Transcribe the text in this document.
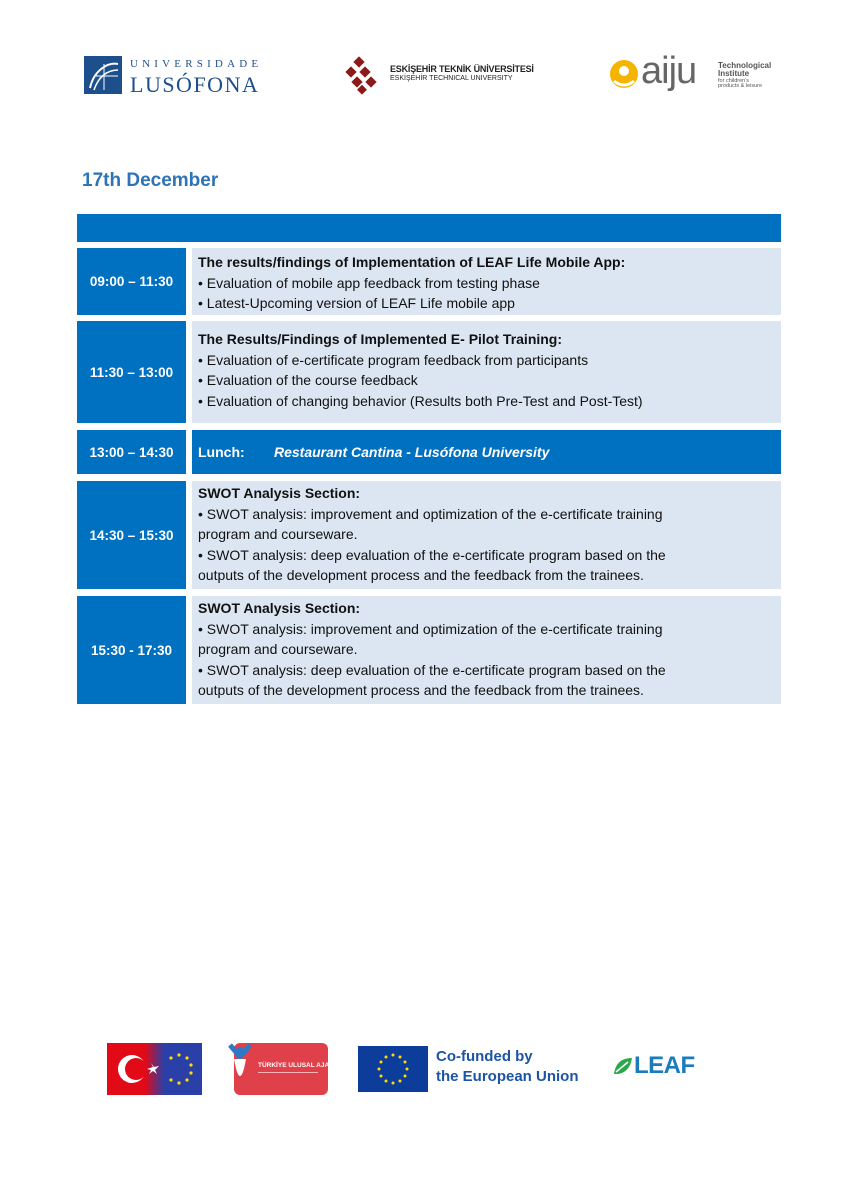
UNIVERSIDADE
LUSÓFONA
ESKİŞEHİR TEKNİK ÜNİVERSİTESİ
ESKİŞEHİR TECHNICAL UNIVERSITY	aiju	Technological
Institute
for children's
products & leisure
17th December
09:00 – 11:30
The results/findings of Implementation of LEAF Life Mobile App:
• Evaluation of mobile app feedback from testing phase
• Latest-Upcoming version of LEAF Life mobile app
11:30 – 13:00
The Results/Findings of Implemented E- Pilot Training:
• Evaluation of e-certificate program feedback from participants
• Evaluation of the course feedback
• Evaluation of changing behavior (Results both Pre-Test and Post-Test)
13:00 – 14:30	Lunch:	Restaurant Cantina - Lusófona University
14:30 – 15:30
SWOT Analysis Section:
• SWOT analysis: improvement and optimization of the e-certificate training
program and courseware.
• SWOT analysis: deep evaluation of the e-certificate program based on the
outputs of the development process and the feedback from the trainees.
15:30 - 17:30
SWOT Analysis Section:
• SWOT analysis: improvement and optimization of the e-certificate training
program and courseware.
• SWOT analysis: deep evaluation of the e-certificate program based on the
outputs of the development process and the feedback from the trainees.
TÜRKİYE ULUSAL AJANSI
Co-funded by
the European Union LEAF
